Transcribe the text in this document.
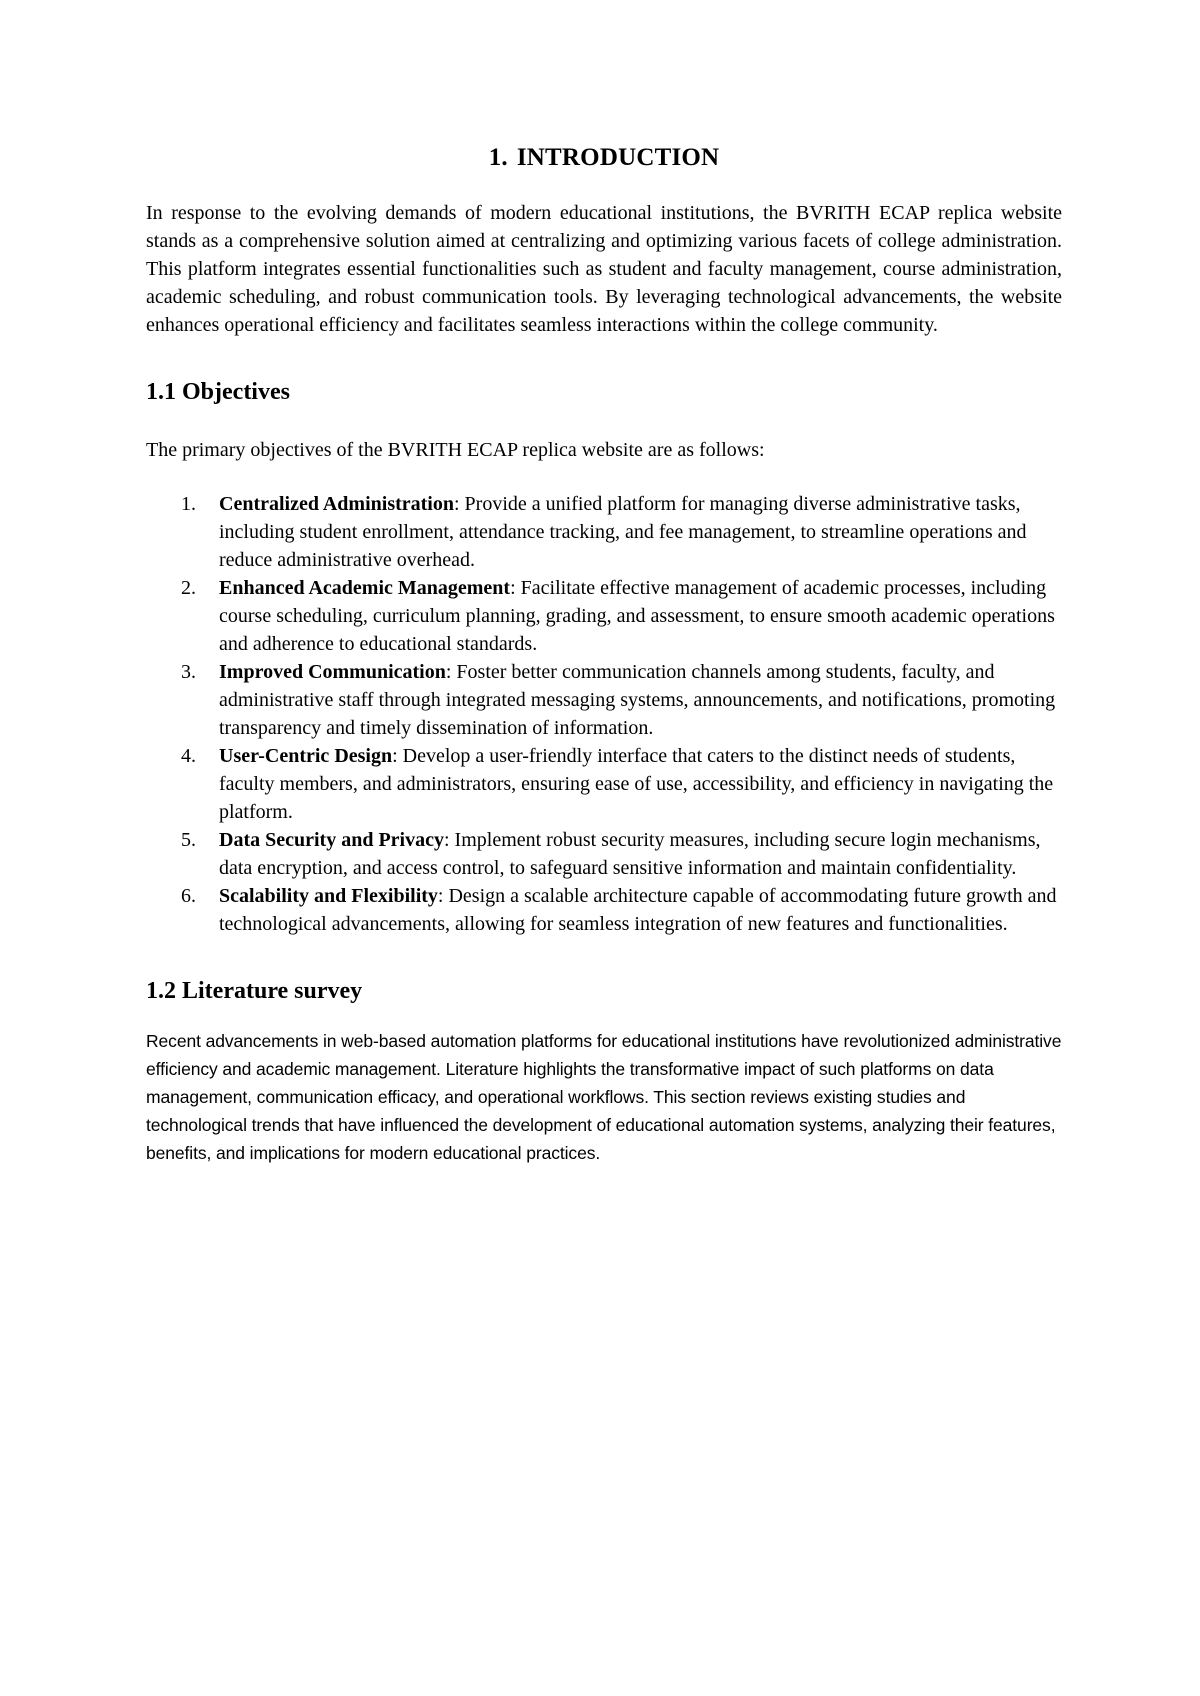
1. INTRODUCTION

In response to the evolving demands of modern educational institutions, the BVRITH ECAP replica website stands as a comprehensive solution aimed at centralizing and optimizing various facets of college administration. This platform integrates essential functionalities such as student and faculty management, course administration, academic scheduling, and robust communication tools. By leveraging technological advancements, the website enhances operational efficiency and facilitates seamless interactions within the college community.

1.1 Objectives

The primary objectives of the BVRITH ECAP replica website are as follows:

1. Centralized Administration: Provide a unified platform for managing diverse administrative tasks, including student enrollment, attendance tracking, and fee management, to streamline operations and reduce administrative overhead.
2. Enhanced Academic Management: Facilitate effective management of academic processes, including course scheduling, curriculum planning, grading, and assessment, to ensure smooth academic operations and adherence to educational standards.
3. Improved Communication: Foster better communication channels among students, faculty, and administrative staff through integrated messaging systems, announcements, and notifications, promoting transparency and timely dissemination of information.
4. User-Centric Design: Develop a user-friendly interface that caters to the distinct needs of students, faculty members, and administrators, ensuring ease of use, accessibility, and efficiency in navigating the platform.
5. Data Security and Privacy: Implement robust security measures, including secure login mechanisms, data encryption, and access control, to safeguard sensitive information and maintain confidentiality.
6. Scalability and Flexibility: Design a scalable architecture capable of accommodating future growth and technological advancements, allowing for seamless integration of new features and functionalities.
1.2 Literature survey

Recent advancements in web-based automation platforms for educational institutions have revolutionized administrative efficiency and academic management. Literature highlights the transformative impact of such platforms on data management, communication efficacy, and operational workflows. This section reviews existing studies and technological trends that have influenced the development of educational automation systems, analyzing their features, benefits, and implications for modern educational practices.
